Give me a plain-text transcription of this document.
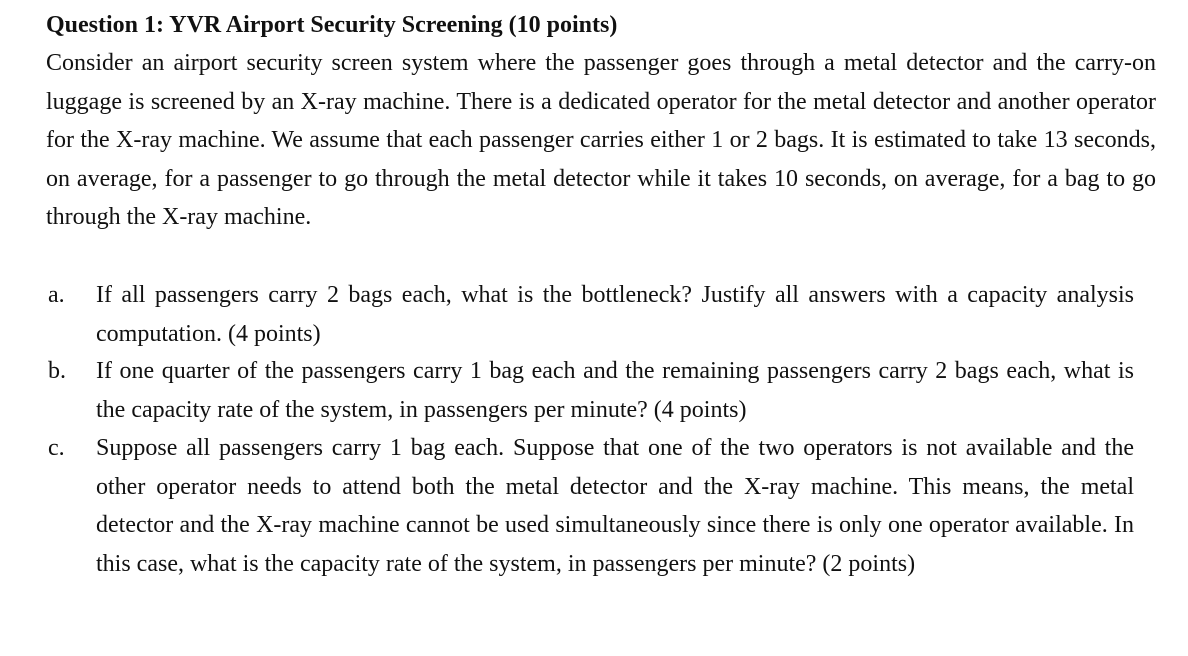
Question 1: YVR Airport Security Screening (10 points)

Consider an airport security screen system where the passenger goes through a metal detector and the carry-on luggage is screened by an X-ray machine. There is a dedicated operator for the metal detector and another operator for the X-ray machine. We assume that each passenger carries either 1 or 2 bags. It is estimated to take 13 seconds, on average, for a passenger to go through the metal detector while it takes 10 seconds, on average, for a bag to go through the X-ray machine.

a. If all passengers carry 2 bags each, what is the bottleneck? Justify all answers with a capacity analysis computation. (4 points)
b. If one quarter of the passengers carry 1 bag each and the remaining passengers carry 2 bags each, what is the capacity rate of the system, in passengers per minute? (4 points)
c. Suppose all passengers carry 1 bag each. Suppose that one of the two operators is not available and the other operator needs to attend both the metal detector and the X-ray machine. This means, the metal detector and the X-ray machine cannot be used simultaneously since there is only one operator available. In this case, what is the capacity rate of the system, in passengers per minute? (2 points)
